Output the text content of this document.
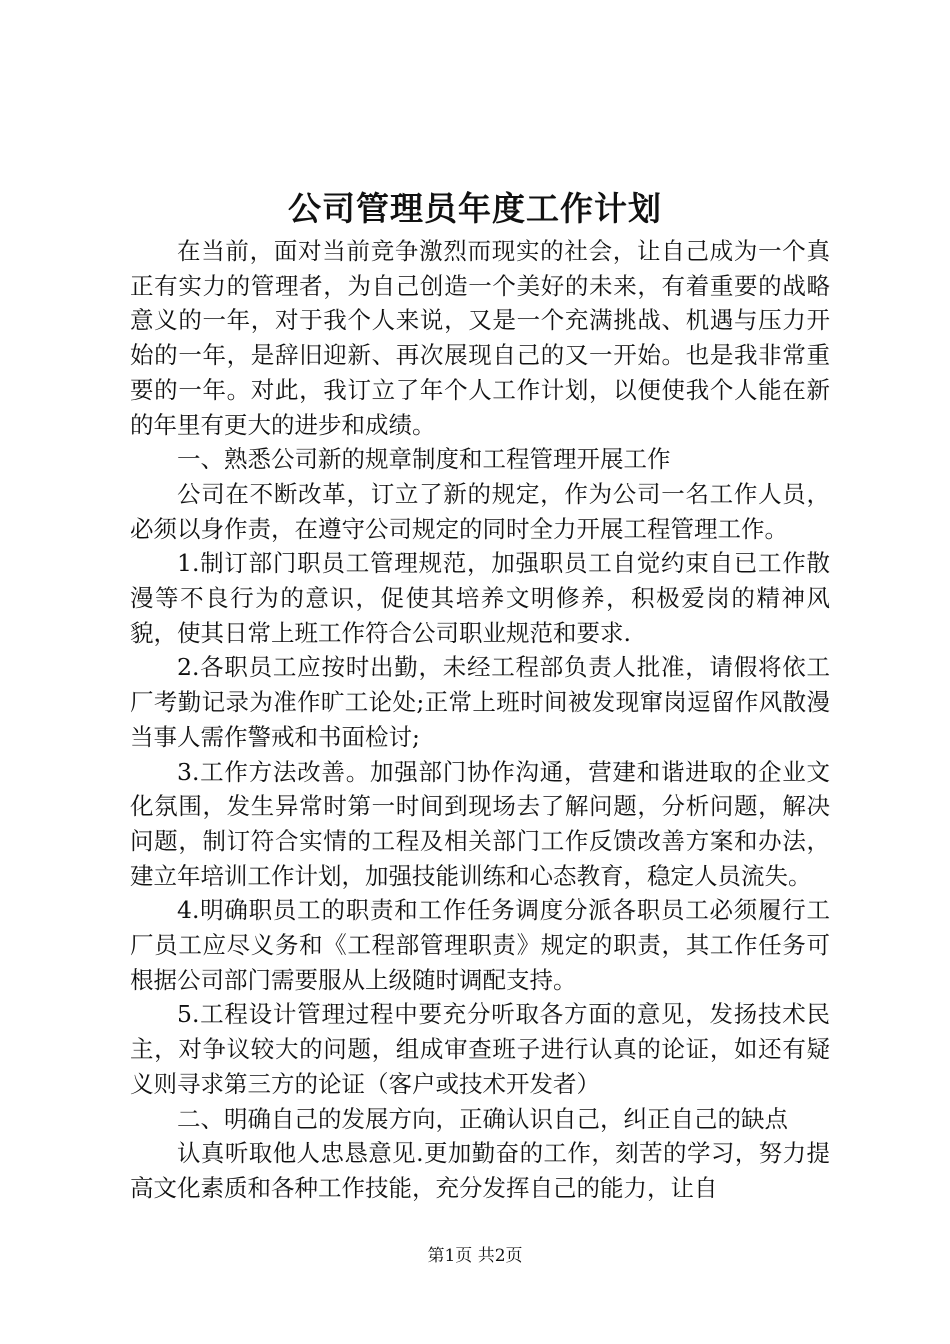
公司管理员年度工作计划

在当前，面对当前竞争激烈而现实的社会，让自己成为一个真正有实力的管理者，为自己创造一个美好的未来，有着重要的战略意义的一年，对于我个人来说，又是一个充满挑战、机遇与压力开始的一年，是辞旧迎新、再次展现自己的又一开始。也是我非常重要的一年。对此，我订立了年个人工作计划，以便使我个人能在新的年里有更大的进步和成绩。

一、熟悉公司新的规章制度和工程管理开展工作

公司在不断改革，订立了新的规定，作为公司一名工作人员，必须以身作责，在遵守公司规定的同时全力开展工程管理工作。

1.制订部门职员工管理规范，加强职员工自觉约束自已工作散漫等不良行为的意识，促使其培养文明修养，积极爱岗的精神风貌，使其日常上班工作符合公司职业规范和要求.

2.各职员工应按时出勤，未经工程部负责人批准，请假将依工厂考勤记录为准作旷工论处;正常上班时间被发现窜岗逗留作风散漫当事人需作警戒和书面检讨;

3.工作方法改善。加强部门协作沟通，营建和谐进取的企业文化氛围，发生异常时第一时间到现场去了解问题，分析问题，解决问题，制订符合实情的工程及相关部门工作反馈改善方案和办法，建立年培训工作计划，加强技能训练和心态教育，稳定人员流失。

4.明确职员工的职责和工作任务调度分派各职员工必须履行工厂员工应尽义务和《工程部管理职责》规定的职责，其工作任务可根据公司部门需要服从上级随时调配支持。

5.工程设计管理过程中要充分听取各方面的意见，发扬技术民主，对争议较大的问题，组成审查班子进行认真的论证，如还有疑义则寻求第三方的论证（客户或技术开发者）

二、明确自己的发展方向，正确认识自己，纠正自己的缺点

认真听取他人忠恳意见.更加勤奋的工作，刻苦的学习，努力提高文化素质和各种工作技能，充分发挥自己的能力，让自

第1页 共2页
